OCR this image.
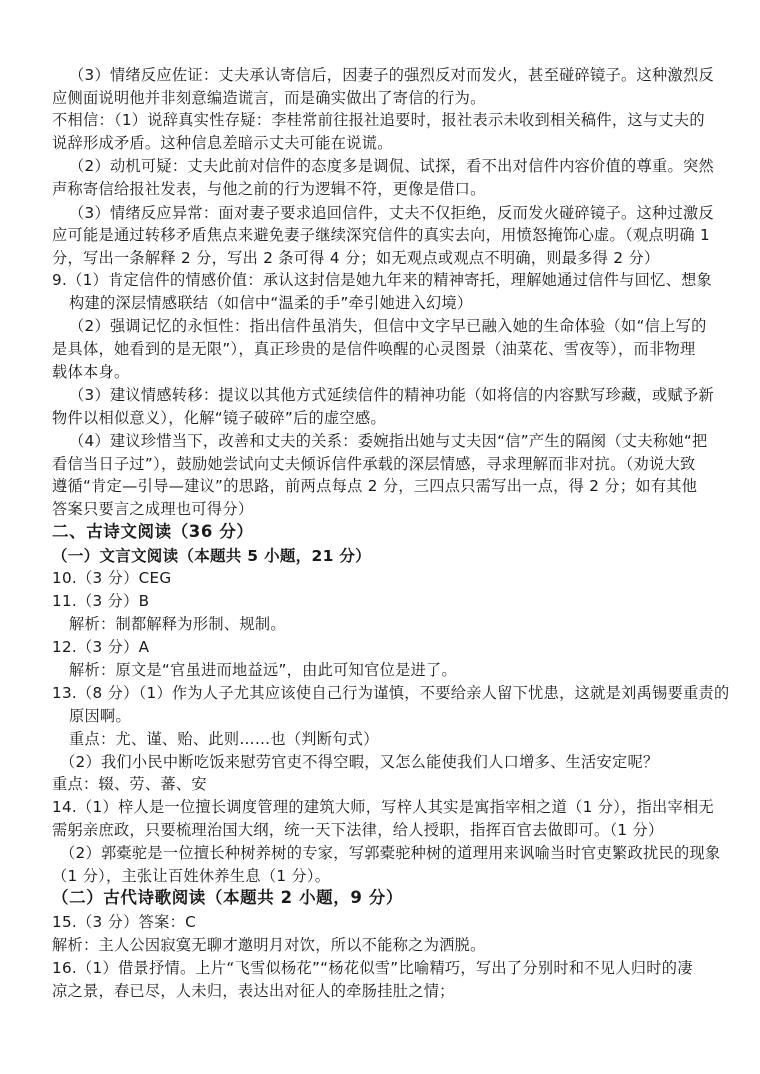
（3）情绪反应佐证：丈夫承认寄信后，因妻子的强烈反对而发火，甚至碰碎镜子。这种激烈反
应侧面说明他并非刻意编造谎言，而是确实做出了寄信的行为。
不相信：（1）说辞真实性存疑：李桂常前往报社追要时，报社表示未收到相关稿件，这与丈夫的
说辞形成矛盾。这种信息差暗示丈夫可能在说谎。
（2）动机可疑：丈夫此前对信件的态度多是调侃、试探，看不出对信件内容价值的尊重。突然
声称寄信给报社发表，与他之前的行为逻辑不符，更像是借口。
（3）情绪反应异常：面对妻子要求追回信件，丈夫不仅拒绝，反而发火碰碎镜子。这种过激反
应可能是通过转移矛盾焦点来避免妻子继续深究信件的真实去向，用愤怒掩饰心虚。（观点明确 1
分，写出一条解释 2 分，写出 2 条可得 4 分；如无观点或观点不明确，则最多得 2 分）
9.（1）肯定信件的情感价值：承认这封信是她九年来的精神寄托，理解她通过信件与回忆、想象
构建的深层情感联结（如信中“温柔的手”牵引她进入幻境）
（2）强调记忆的永恒性：指出信件虽消失，但信中文字早已融入她的生命体验（如“信上写的
是具体，她看到的是无限”），真正珍贵的是信件唤醒的心灵图景（油菜花、雪夜等），而非物理
载体本身。
（3）建议情感转移：提议以其他方式延续信件的精神功能（如将信的内容默写珍藏，或赋予新
物件以相似意义），化解“镜子破碎”后的虚空感。
（4）建议珍惜当下，改善和丈夫的关系：委婉指出她与丈夫因“信”产生的隔阂（丈夫称她“把
看信当日子过”），鼓励她尝试向丈夫倾诉信件承载的深层情感，寻求理解而非对抗。（劝说大致
遵循“肯定—引导—建议”的思路，前两点每点 2 分，三四点只需写出一点，得 2 分；如有其他
答案只要言之成理也可得分）
二、古诗文阅读（36 分）
（一）文言文阅读（本题共 5 小题，21 分）
10.（3 分）CEG
11.（3 分）B
解析：制都解释为形制、规制。
12.（3 分）A
解析：原文是“官虽进而地益远”，由此可知官位是进了。
13.（8 分）（1）作为人子尤其应该使自己行为谨慎，不要给亲人留下忧患，这就是刘禹锡要重责的
原因啊。
重点：尤、谨、贻、此则……也（判断句式）
（2）我们小民中断吃饭来慰劳官吏不得空暇，又怎么能使我们人口增多、生活安定呢？
重点：辍、劳、蕃、安
14.（1）梓人是一位擅长调度管理的建筑大师，写梓人其实是寓指宰相之道（1 分），指出宰相无
需躬亲庶政，只要梳理治国大纲，统一天下法律，给人授职，指挥百官去做即可。（1 分）
（2）郭橐驼是一位擅长种树养树的专家，写郭橐驼种树的道理用来讽喻当时官吏繁政扰民的现象
（1 分），主张让百姓休养生息（1 分）。
（二）古代诗歌阅读（本题共 2 小题，9 分）
15.（3 分）答案：C
解析：主人公因寂寞无聊才邀明月对饮，所以不能称之为洒脱。
16.（1）借景抒情。上片“飞雪似杨花”“杨花似雪”比喻精巧，写出了分别时和不见人归时的凄
凉之景，春已尽，人未归，表达出对征人的牵肠挂肚之情；
